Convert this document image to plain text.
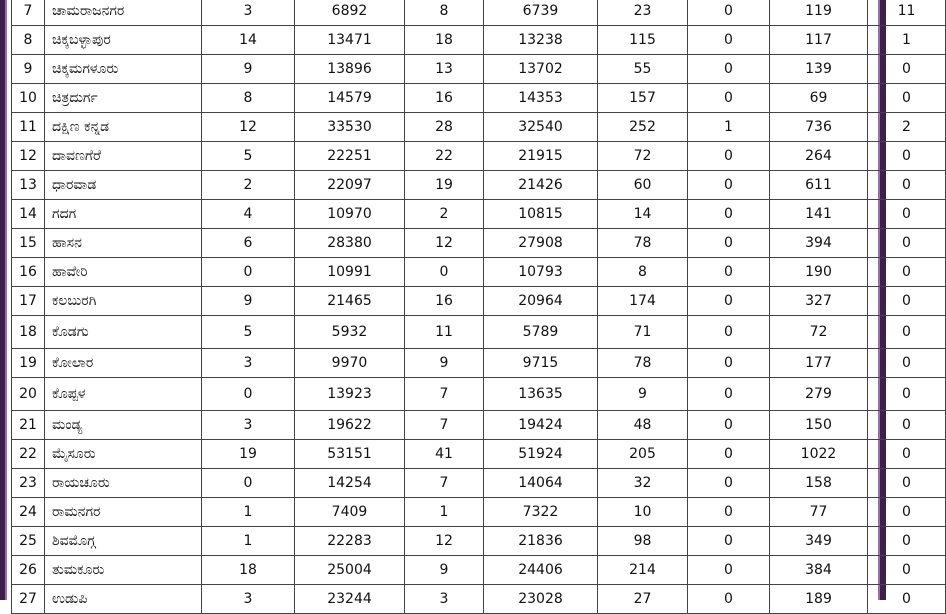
7	ಚಾಮರಾಜನಗರ	3	6892	8	6739	23	0	119	11
8	ಚಿಕ್ಕಬಳ್ಳಾಪುರ	14	13471	18	13238	115	0	117	1
9	ಚಿಕ್ಕಮಗಳೂರು	9	13896	13	13702	55	0	139	0
10	ಚಿತ್ರದುರ್ಗ	8	14579	16	14353	157	0	69	0
11	ದಕ್ಷಿಣ ಕನ್ನಡ	12	33530	28	32540	252	1	736	2
12	ದಾವಣಗೆರೆ	5	22251	22	21915	72	0	264	0
13	ಧಾರವಾಡ	2	22097	19	21426	60	0	611	0
14	ಗದಗ	4	10970	2	10815	14	0	141	0
15	ಹಾಸನ	6	28380	12	27908	78	0	394	0
16	ಹಾವೇರಿ	0	10991	0	10793	8	0	190	0
17	ಕಲಬುರಗಿ	9	21465	16	20964	174	0	327	0
18	ಕೊಡಗು	5	5932	11	5789	71	0	72	0
19	ಕೋಲಾರ	3	9970	9	9715	78	0	177	0
20	ಕೊಪ್ಪಳ	0	13923	7	13635	9	0	279	0
21	ಮಂಡ್ಯ	3	19622	7	19424	48	0	150	0
22	ಮೈಸೂರು	19	53151	41	51924	205	0	1022	0
23	ರಾಯಚೂರು	0	14254	7	14064	32	0	158	0
24	ರಾಮನಗರ	1	7409	1	7322	10	0	77	0
25	ಶಿವಮೊಗ್ಗ	1	22283	12	21836	98	0	349	0
26	ತುಮಕೂರು	18	25004	9	24406	214	0	384	0
27	ಉಡುಪಿ	3	23244	3	23028	27	0	189	0
